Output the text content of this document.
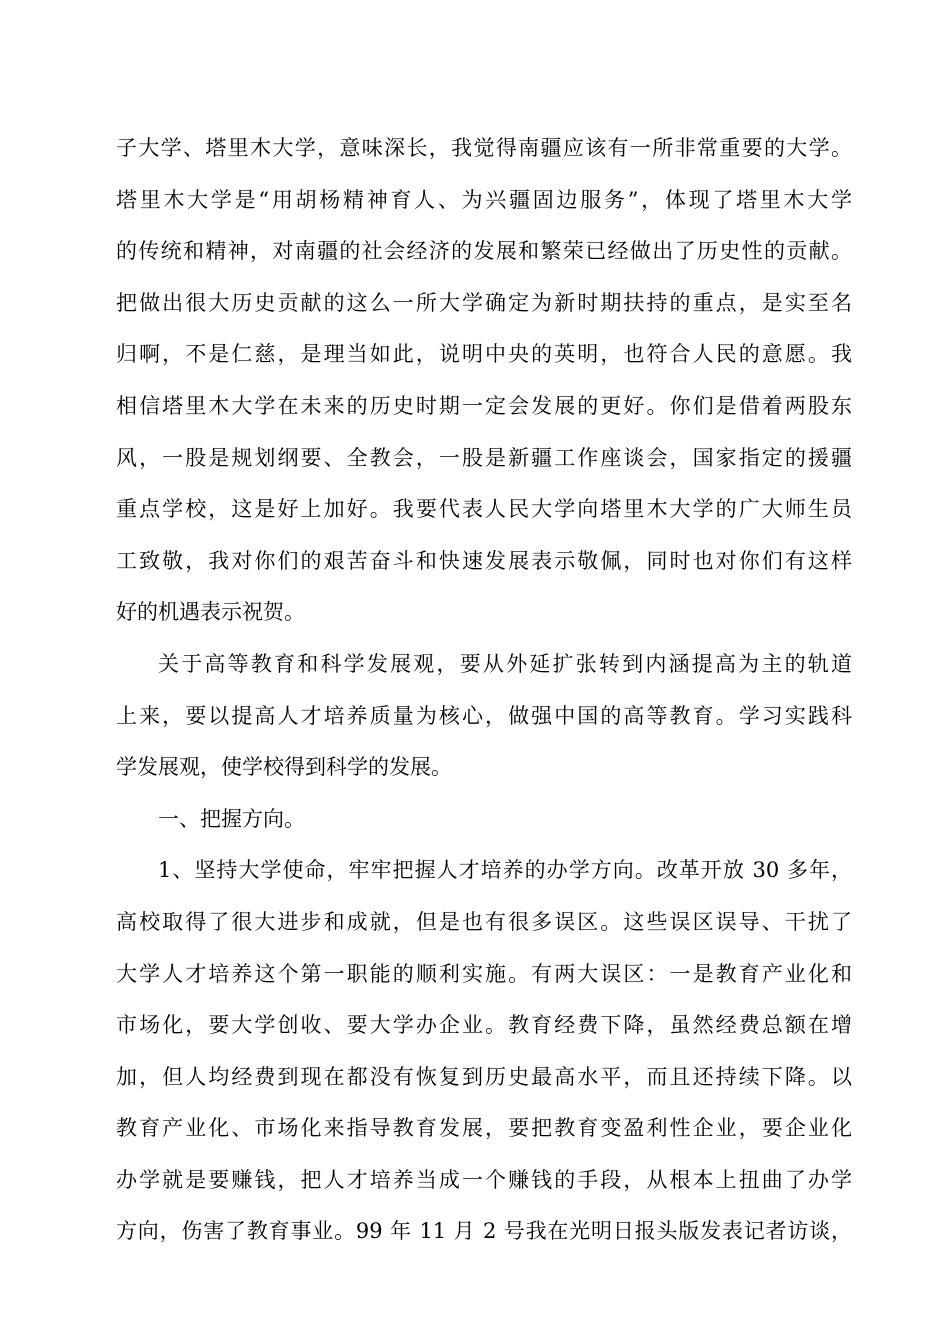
子大学、塔里木大学，意味深长，我觉得南疆应该有一所非常重要的大学。
塔里木大学是“用胡杨精神育人、为兴疆固边服务”，体现了塔里木大学
的传统和精神，对南疆的社会经济的发展和繁荣已经做出了历史性的贡献。
把做出很大历史贡献的这么一所大学确定为新时期扶持的重点，是实至名
归啊，不是仁慈，是理当如此，说明中央的英明，也符合人民的意愿。我
相信塔里木大学在未来的历史时期一定会发展的更好。你们是借着两股东
风，一股是规划纲要、全教会，一股是新疆工作座谈会，国家指定的援疆
重点学校，这是好上加好。我要代表人民大学向塔里木大学的广大师生员
工致敬，我对你们的艰苦奋斗和快速发展表示敬佩，同时也对你们有这样
好的机遇表示祝贺。
关于高等教育和科学发展观，要从外延扩张转到内涵提高为主的轨道
上来，要以提高人才培养质量为核心，做强中国的高等教育。学习实践科
学发展观，使学校得到科学的发展。
一、把握方向。
1、坚持大学使命，牢牢把握人才培养的办学方向。改革开放 30 多年，
高校取得了很大进步和成就，但是也有很多误区。这些误区误导、干扰了
大学人才培养这个第一职能的顺利实施。有两大误区：一是教育产业化和
市场化，要大学创收、要大学办企业。教育经费下降，虽然经费总额在增
加，但人均经费到现在都没有恢复到历史最高水平，而且还持续下降。以
教育产业化、市场化来指导教育发展，要把教育变盈利性企业，要企业化
办学就是要赚钱，把人才培养当成一个赚钱的手段，从根本上扭曲了办学
方向，伤害了教育事业。99 年 11 月 2 号我在光明日报头版发表记者访谈，
